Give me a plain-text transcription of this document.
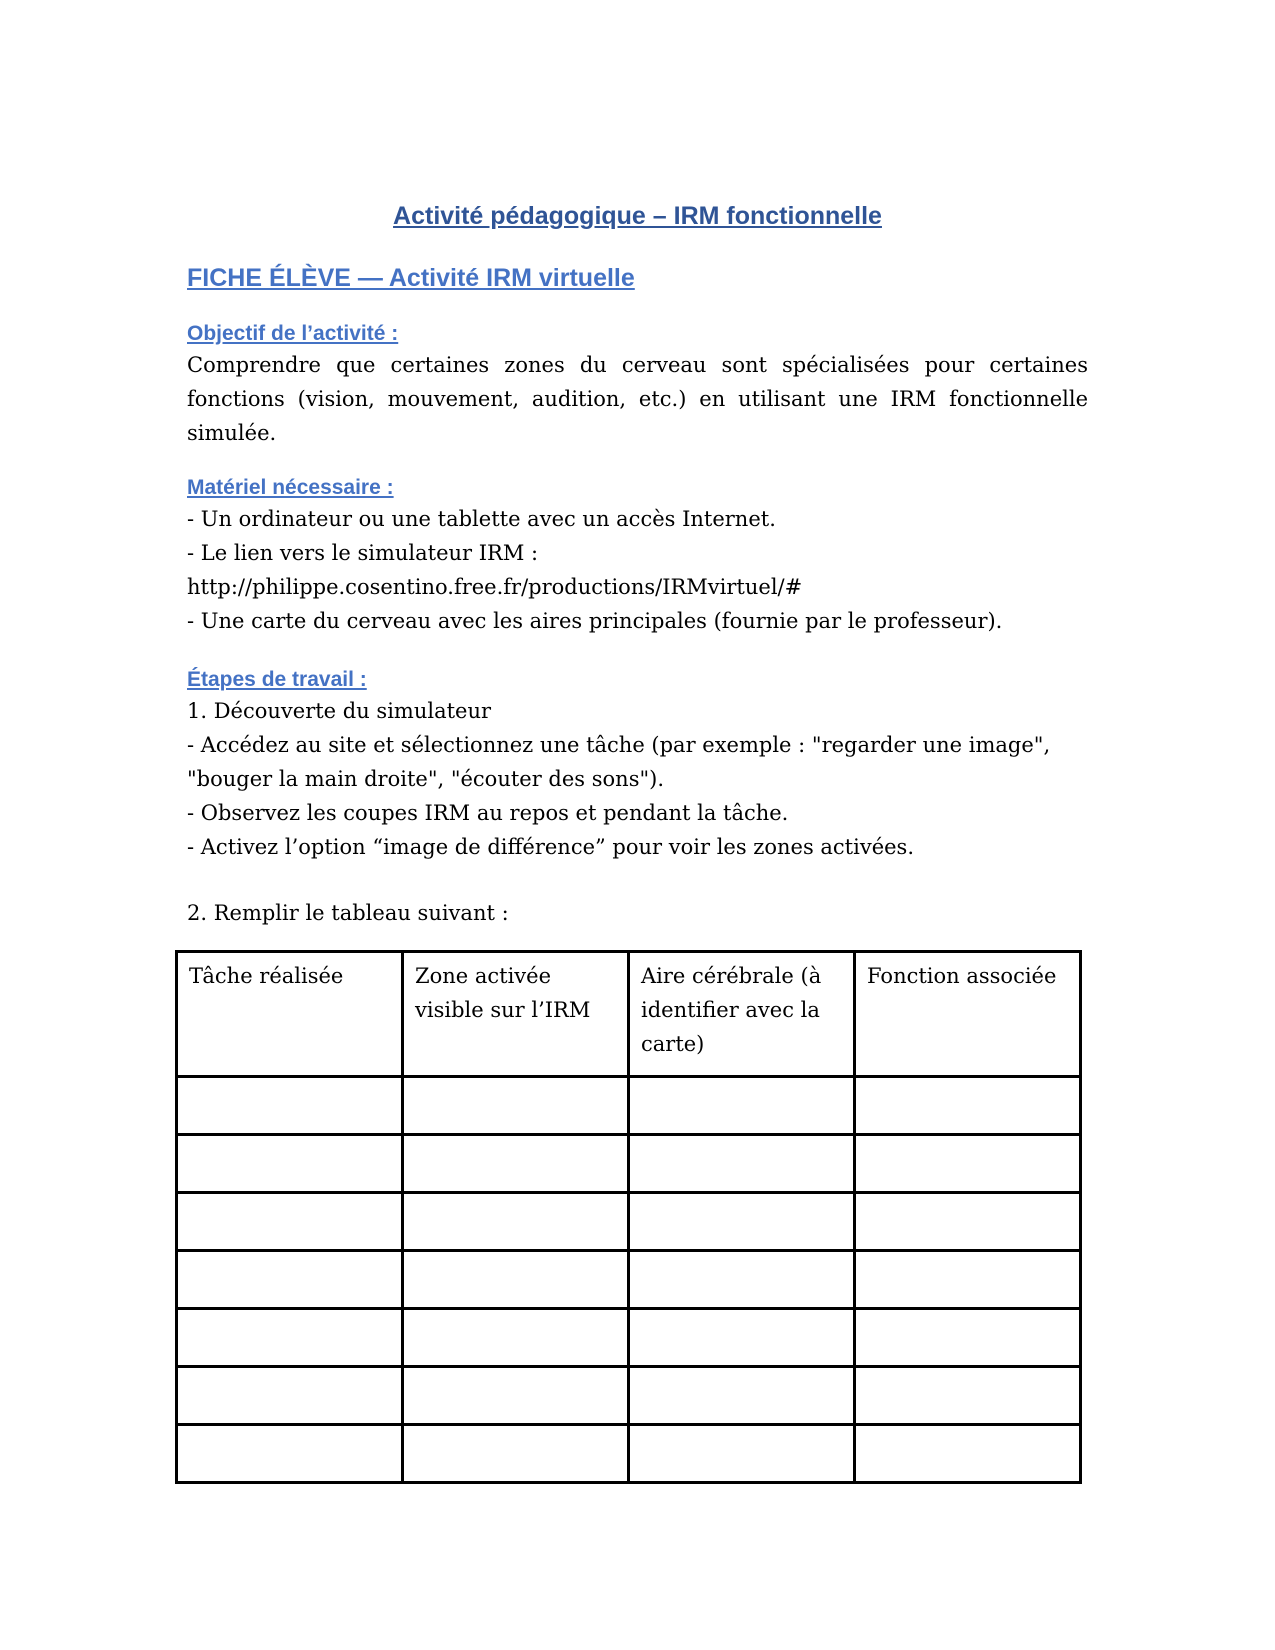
Activité pédagogique – IRM fonctionnelle
FICHE ÉLÈVE — Activité IRM virtuelle
Objectif de l’activité :

Comprendre que certaines zones du cerveau sont spécialisées pour certaines fonctions (vision, mouvement, audition, etc.) en utilisant une IRM fonctionnelle simulée.

Matériel nécessaire :
- Un ordinateur ou une tablette avec un accès Internet.
- Le lien vers le simulateur IRM :
http://philippe.cosentino.free.fr/productions/IRMvirtuel/#
- Une carte du cerveau avec les aires principales (fournie par le professeur).
Étapes de travail :
1. Découverte du simulateur
- Accédez au site et sélectionnez une tâche (par exemple : "regarder une image",
"bouger la main droite", "écouter des sons").
- Observez les coupes IRM au repos et pendant la tâche.
- Activez l’option “image de différence” pour voir les zones activées.

2. Remplir le tableau suivant :

Tâche réalisée	Zone activée visible sur l’IRM	Aire cérébrale (à identifier avec la carte)	Fonction associée
